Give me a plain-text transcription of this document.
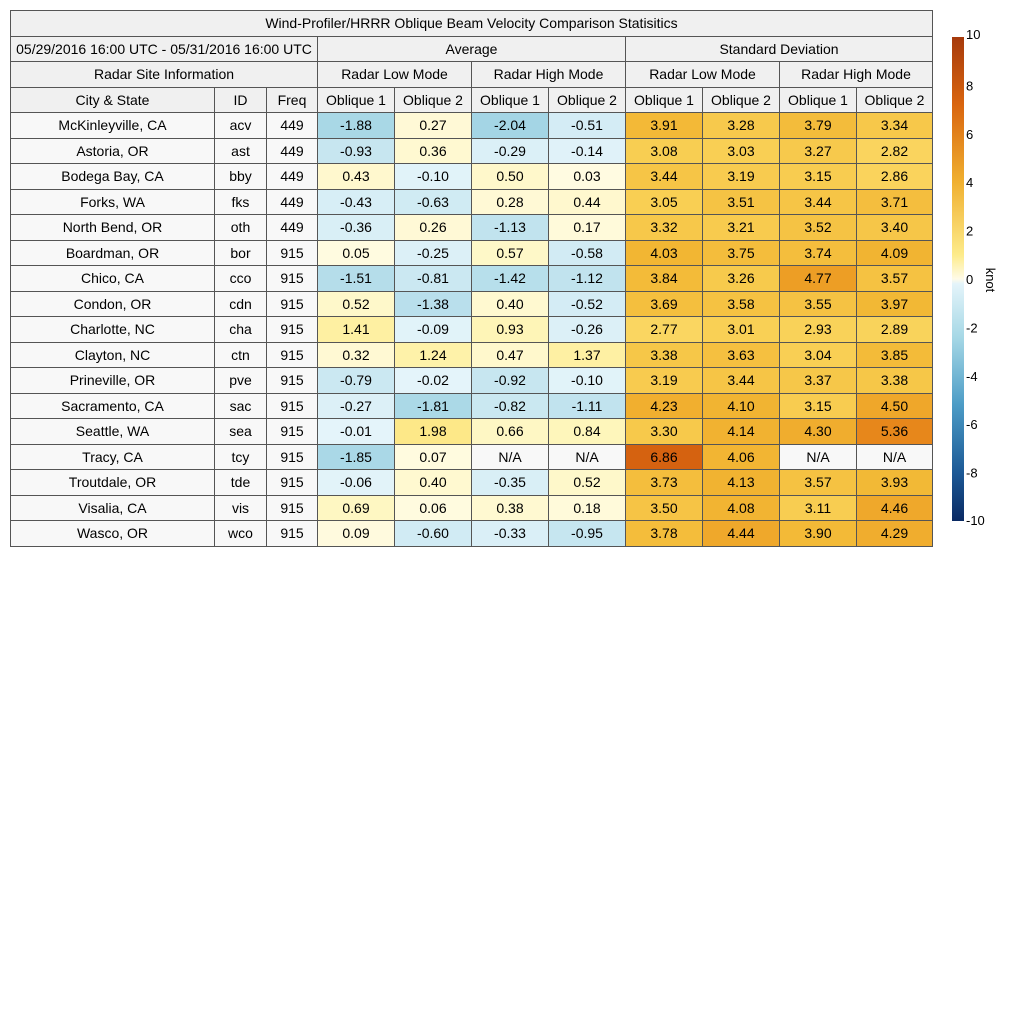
Wind-Profiler/HRRR Oblique Beam Velocity Comparison Statisitics										
05/29/2016 16:00 UTC - 05/31/2016 16:00 UTC			Average				Standard Deviation			
Radar Site Information			Radar Low Mode		Radar High Mode		Radar Low Mode		Radar High Mode	
City & State	ID	Freq	Oblique 1	Oblique 2	Oblique 1	Oblique 2	Oblique 1	Oblique 2	Oblique 1	Oblique 2
McKinleyville, CA	acv	449	-1.88	0.27	-2.04	-0.51	3.91	3.28	3.79	3.34
Astoria, OR	ast	449	-0.93	0.36	-0.29	-0.14	3.08	3.03	3.27	2.82
Bodega Bay, CA	bby	449	0.43	-0.10	0.50	0.03	3.44	3.19	3.15	2.86
Forks, WA	fks	449	-0.43	-0.63	0.28	0.44	3.05	3.51	3.44	3.71
North Bend, OR	oth	449	-0.36	0.26	-1.13	0.17	3.32	3.21	3.52	3.40
Boardman, OR	bor	915	0.05	-0.25	0.57	-0.58	4.03	3.75	3.74	4.09
Chico, CA	cco	915	-1.51	-0.81	-1.42	-1.12	3.84	3.26	4.77	3.57
Condon, OR	cdn	915	0.52	-1.38	0.40	-0.52	3.69	3.58	3.55	3.97
Charlotte, NC	cha	915	1.41	-0.09	0.93	-0.26	2.77	3.01	2.93	2.89
Clayton, NC	ctn	915	0.32	1.24	0.47	1.37	3.38	3.63	3.04	3.85
Prineville, OR	pve	915	-0.79	-0.02	-0.92	-0.10	3.19	3.44	3.37	3.38
Sacramento, CA	sac	915	-0.27	-1.81	-0.82	-1.11	4.23	4.10	3.15	4.50
Seattle, WA	sea	915	-0.01	1.98	0.66	0.84	3.30	4.14	4.30	5.36
Tracy, CA	tcy	915	-1.85	0.07	N/A	N/A	6.86	4.06	N/A	N/A
Troutdale, OR	tde	915	-0.06	0.40	-0.35	0.52	3.73	4.13	3.57	3.93
Visalia, CA	vis	915	0.69	0.06	0.38	0.18	3.50	4.08	3.11	4.46
Wasco, OR	wco	915	0.09	-0.60	-0.33	-0.95	3.78	4.44	3.90	4.29
10
8
6
4
2
0
-2
-4
-6
-8
-10
knot
